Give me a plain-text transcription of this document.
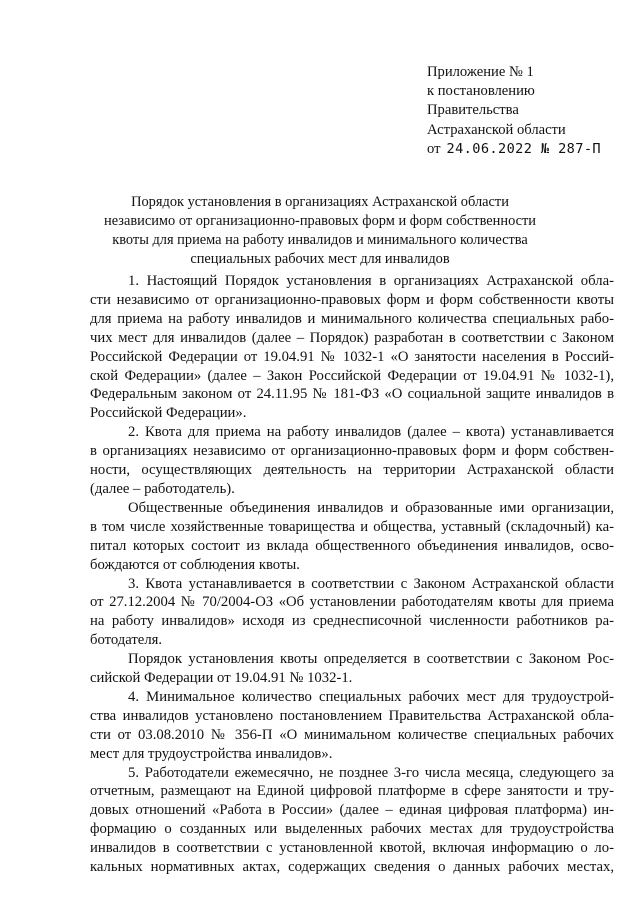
Приложение № 1
к постановлению
Правительства
Астраханской области
от 24.06.2022 № 287-П
Порядок установления в организациях Астраханской области
независимо от организационно-правовых форм и форм собственности
квоты для приема на работу инвалидов и минимального количества
специальных рабочих мест для инвалидов
1. Настоящий Порядок установления в организациях Астраханской обла-
сти независимо от организационно-правовых форм и форм собственности квоты
для приема на работу инвалидов и минимального количества специальных рабо-
чих мест для инвалидов (далее – Порядок) разработан в соответствии с Законом
Российской Федерации от 19.04.91 № 1032-1 «О занятости населения в Россий-
ской Федерации» (далее – Закон Российской Федерации от 19.04.91 № 1032-1),
Федеральным законом от 24.11.95 № 181-ФЗ «О социальной защите инвалидов в
Российской Федерации».
2. Квота для приема на работу инвалидов (далее – квота) устанавливается
в организациях независимо от организационно-правовых форм и форм собствен-
ности, осуществляющих деятельность на территории Астраханской области
(далее – работодатель).
Общественные объединения инвалидов и образованные ими организации,
в том числе хозяйственные товарищества и общества, уставный (складочный) ка-
питал которых состоит из вклада общественного объединения инвалидов, осво-
бождаются от соблюдения квоты.
3. Квота устанавливается в соответствии с Законом Астраханской области
от 27.12.2004 № 70/2004-ОЗ «Об установлении работодателям квоты для приема
на работу инвалидов» исходя из среднесписочной численности работников ра-
ботодателя.
Порядок установления квоты определяется в соответствии с Законом Рос-
сийской Федерации от 19.04.91 № 1032-1.
4. Минимальное количество специальных рабочих мест для трудоустрой-
ства инвалидов установлено постановлением Правительства Астраханской обла-
сти от 03.08.2010 № 356-П «О минимальном количестве специальных рабочих
мест для трудоустройства инвалидов».
5. Работодатели ежемесячно, не позднее 3-го числа месяца, следующего за
отчетным, размещают на Единой цифровой платформе в сфере занятости и тру-
довых отношений «Работа в России» (далее – единая цифровая платформа) ин-
формацию о созданных или выделенных рабочих местах для трудоустройства
инвалидов в соответствии с установленной квотой, включая информацию о ло-
кальных нормативных актах, содержащих сведения о данных рабочих местах,
